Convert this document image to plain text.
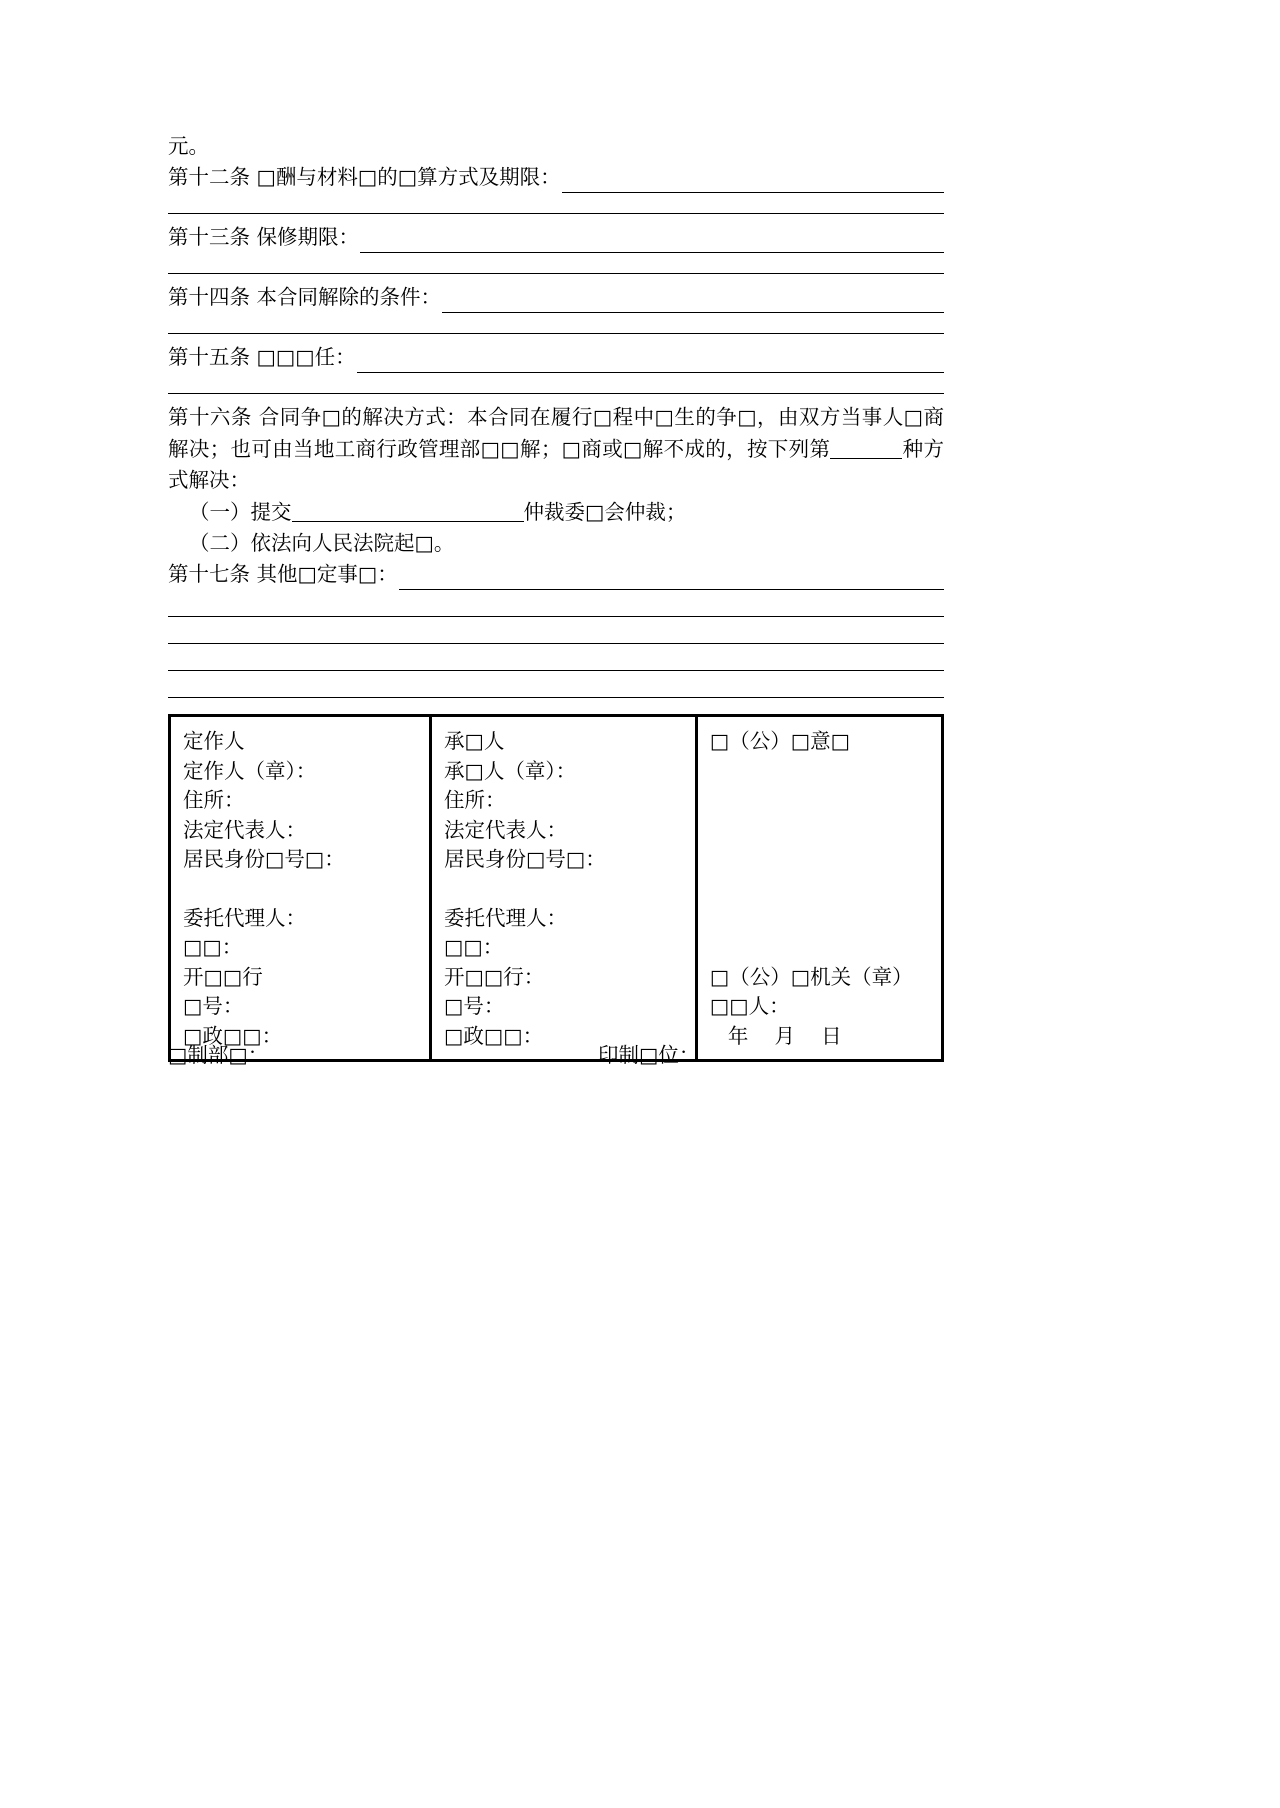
元。
第十二条 □酬与材料□的□算方式及期限：
第十三条 保修期限：
第十四条 本合同解除的条件：
第十五条 □□□任：
第十六条 合同争□的解决方式：本合同在履行□程中□生的争□，由双方当事人□商解决；也可由当地工商行政管理部□□解；□商或□解不成的，按下列第	种方式解决：
（一）提交	仲裁委□会仲裁；
（二）依法向人民法院起□。
第十七条 其他□定事□：
定作人
定作人（章）：
住所：
法定代表人：
居民身份□号□：
委托代理人：
□□：
开□□行
□号：
□政□□：
承□人
承□人（章）：
住所：
法定代表人：
居民身份□号□：
委托代理人：
□□：
开□□行：
□号：
□政□□：
□（公）□意□
□（公）□机关（章）
□□人：
年 月 日
□制部□：	印制□位：
